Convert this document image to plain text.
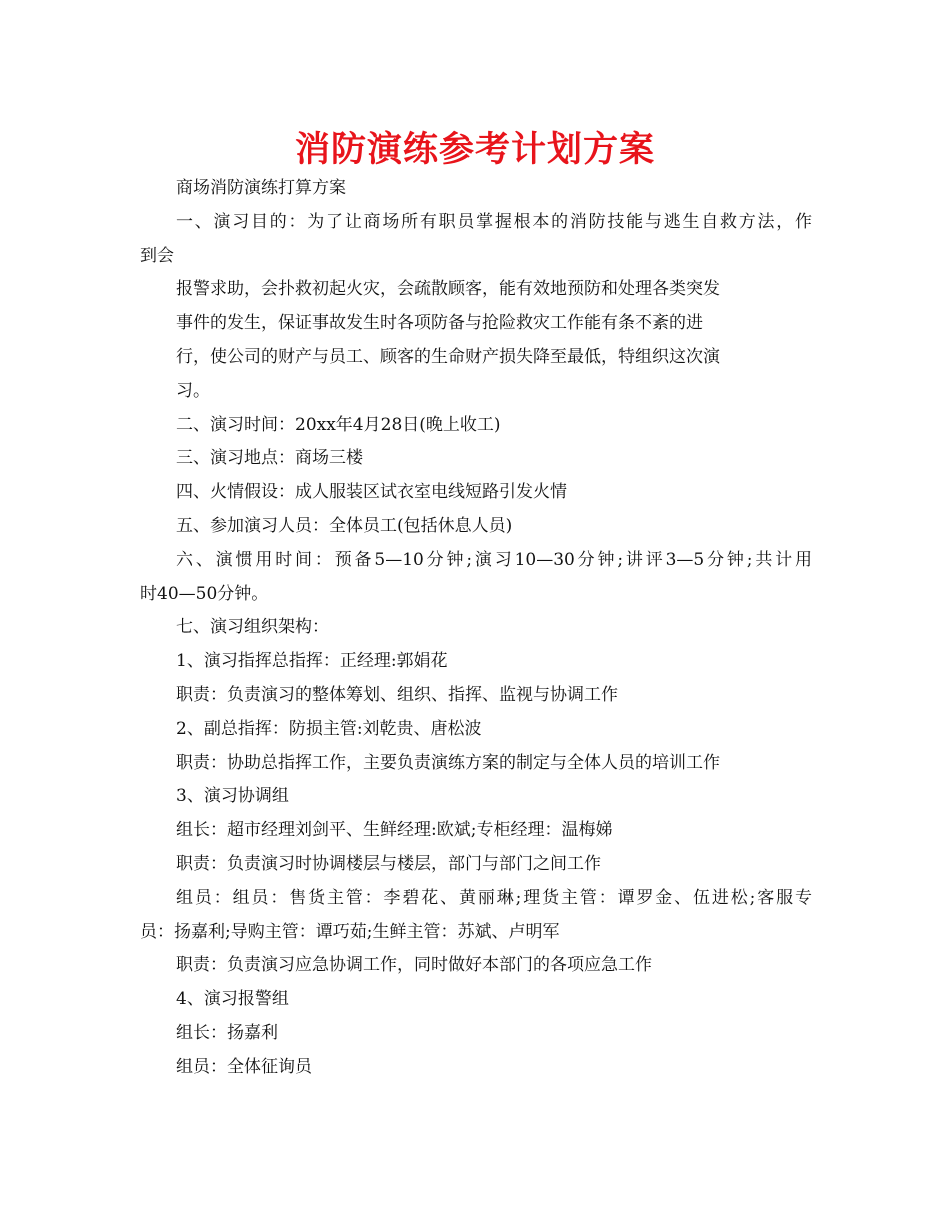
消防演练参考计划方案
商场消防演练打算方案
一、演习目的：为了让商场所有职员掌握根本的消防技能与逃生自救方法，作
到会
报警求助，会扑救初起火灾，会疏散顾客，能有效地预防和处理各类突发
事件的发生，保证事故发生时各项防备与抢险救灾工作能有条不紊的进
行，使公司的财产与员工、顾客的生命财产损失降至最低，特组织这次演
习。
二、演习时间：20xx年4月28日(晚上收工)
三、演习地点：商场三楼
四、火情假设：成人服装区试衣室电线短路引发火情
五、参加演习人员：全体员工(包括休息人员)
六、演惯用时间：预备5—10分钟;演习10—30分钟;讲评3—5分钟;共计用
时40—50分钟。
七、演习组织架构：
1、演习指挥总指挥：正经理:郭娟花
职责：负责演习的整体筹划、组织、指挥、监视与协调工作
2、副总指挥：防损主管:刘乾贵、唐松波
职责：协助总指挥工作，主要负责演练方案的制定与全体人员的培训工作
3、演习协调组
组长：超市经理刘剑平、生鲜经理:欧斌;专柜经理：温梅娣
职责：负责演习时协调楼层与楼层，部门与部门之间工作
组员：组员：售货主管：李碧花、黄丽琳;理货主管：谭罗金、伍进松;客服专
员：扬嘉利;导购主管：谭巧茹;生鲜主管：苏斌、卢明军
职责：负责演习应急协调工作，同时做好本部门的各项应急工作
4、演习报警组
组长：扬嘉利
组员：全体征询员
